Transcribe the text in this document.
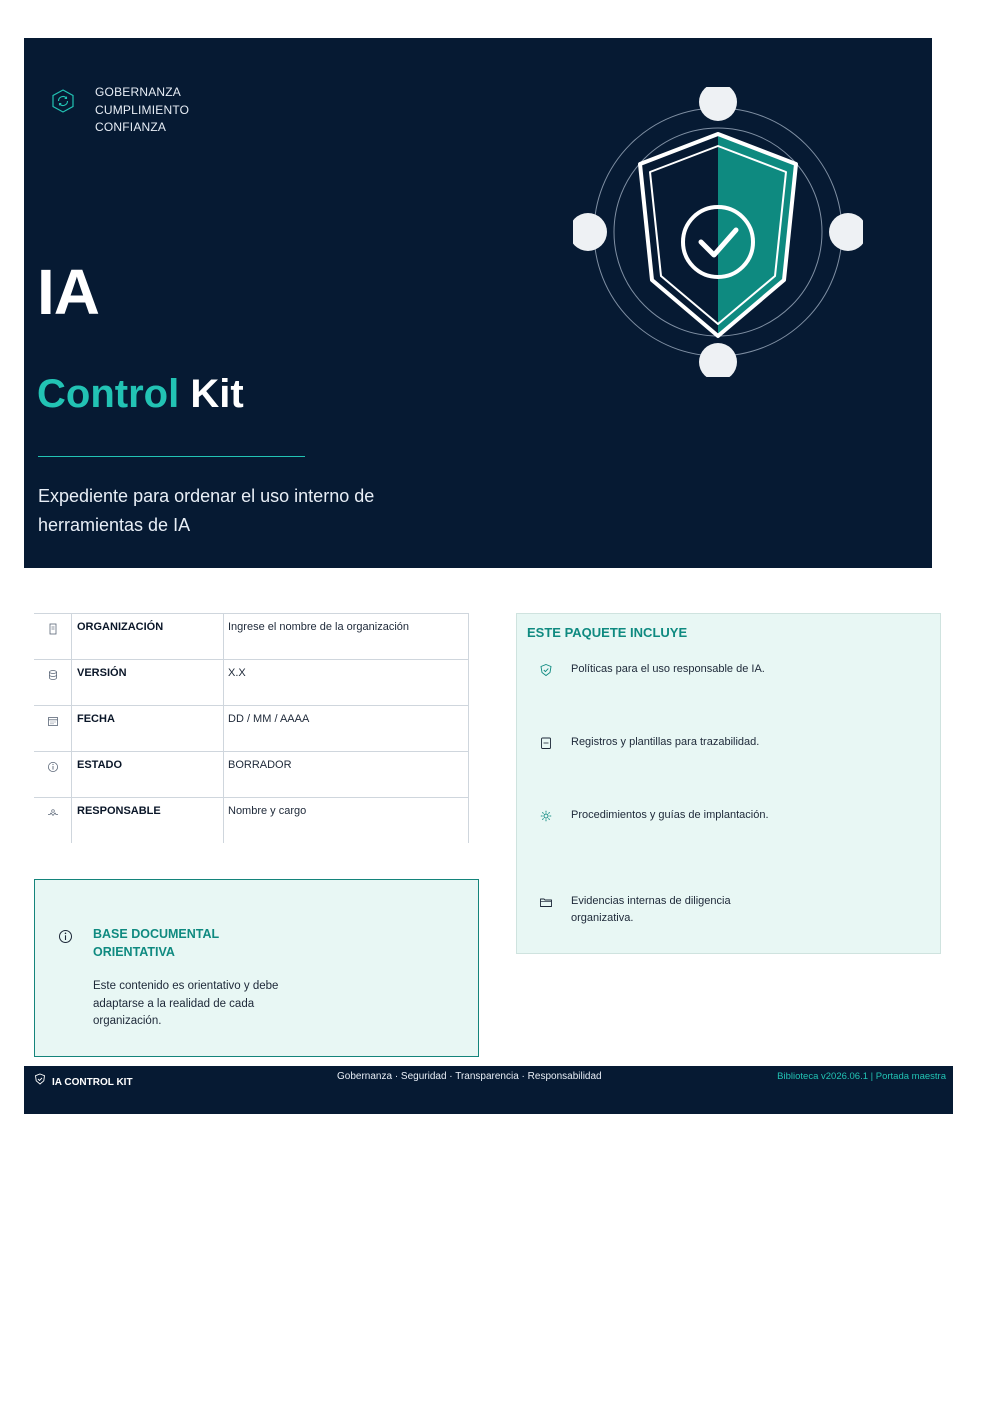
GOBERNANZA
CUMPLIMIENTO
CONFIANZA
IA
Control Kit
Expediente para ordenar el uso interno de herramientas de IA
ORGANIZACIÓN	Ingrese el nombre de la organización
VERSIÓN	X.X
FECHA	DD / MM / AAAA
ESTADO	BORRADOR
RESPONSABLE	Nombre y cargo
BASE DOCUMENTAL ORIENTATIVA
Este contenido es orientativo y debe adaptarse a la realidad de cada organización.
ESTE PAQUETE INCLUYE
Políticas para el uso responsable de IA.
Registros y plantillas para trazabilidad.
Procedimientos y guías de implantación.
Evidencias internas de diligencia organizativa.
IA CONTROL KIT
Gobernanza · Seguridad · Transparencia · Responsabilidad	Biblioteca v2026.06.1 | Portada maestra
